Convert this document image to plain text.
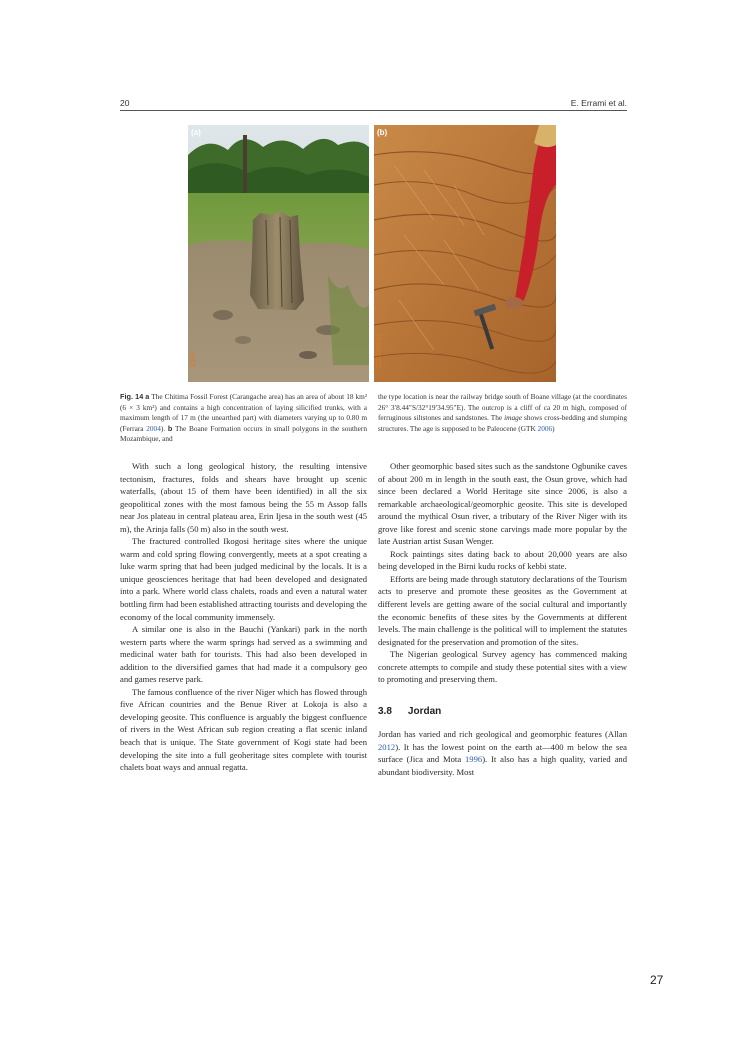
20	E. Errami et al.
(a)
2008
(b)
2003/06/07
Fig. 14 a The Chitima Fossil Forest (Carangache area) has an area of about 18 km² (6 × 3 km²) and contains a high concentration of laying silicified trunks, with a maximum length of 17 m (the unearthed part) with diameters varying up to 0.80 m (Ferrara 2004). b The Boane Formation occurs in small polygons in the southern Mozambique, and
the type location is near the railway bridge south of Boane village (at the coordinates 26° 3′8.44″S/32°19′34.95″E). The outcrop is a cliff of ca 20 m high, composed of ferruginous siltstones and sandstones. The image shows cross-bedding and slumping structures. The age is supposed to be Paleocene (GTK 2006)

With such a long geological history, the resulting intensive tectonism, fractures, folds and shears have brought up scenic waterfalls, (about 15 of them have been identified) in all the six geopolitical zones with the most famous being the 55 m Assop falls near Jos plateau in central plateau area, Erin Ijesa in the south west (45 m), the Arinja falls (50 m) also in the south west.

The fractured controlled Ikogosi heritage sites where the unique warm and cold spring flowing convergently, meets at a spot creating a luke warm spring that had been judged medicinal by the locals. It is a unique geosciences heritage that had been developed and designated into a park. Where world class chalets, roads and even a natural water bottling firm had been established attracting tourists and developing the economy of the local community immensely.

A similar one is also in the Bauchi (Yankari) park in the north western parts where the warm springs had served as a swimming and medicinal water bath for tourists. This had also been developed in addition to the diversified games that had made it a compulsory geo and games reserve park.

The famous confluence of the river Niger which has flowed through five African countries and the Benue River at Lokoja is also a developing geosite. This confluence is arguably the biggest confluence of rivers in the West African sub region creating a flat scenic inland beach that is unique. The State government of Kogi state had been developing the site into a full geoheritage sites complete with tourist chalets boat ways and annual regatta.

Other geomorphic based sites such as the sandstone Ogbunike caves of about 200 m in length in the south east, the Osun grove, which had since been declared a World Heritage site since 2006, is also a remarkable archaeological/geomorphic geosite. This site is developed around the mythical Osun river, a tributary of the River Niger with its grove like forest and scenic stone carvings made more popular by the late Austrian artist Susan Wenger.

Rock paintings sites dating back to about 20,000 years are also being developed in the Birni kudu rocks of kebbi state.

Efforts are being made through statutory declarations of the Tourism acts to preserve and promote these geosites as the Government at different levels are getting aware of the social cultural and importantly the economic benefits of these sites by the Governments at different levels. The main challenge is the political will to implement the statutes designated for the preservation and promotion of the sites.

The Nigerian geological Survey agency has commenced making concrete attempts to compile and study these potential sites with a view to promoting and preserving them.

3.8 Jordan

Jordan has varied and rich geological and geomorphic features (Allan 2012). It has the lowest point on the earth at—400 m below the sea surface (Jica and Mota 1996). It also has a high quality, varied and abundant biodiversity. Most

27
